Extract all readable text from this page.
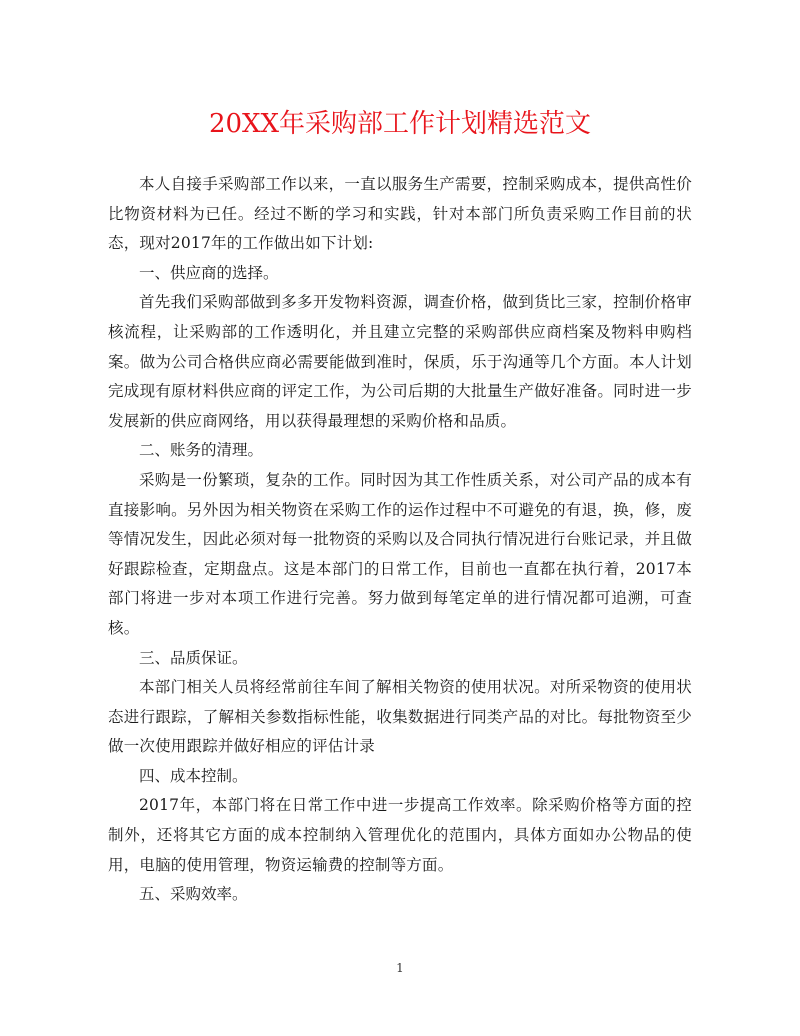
20XX年采购部工作计划精选范文

本人自接手采购部工作以来，一直以服务生产需要，控制采购成本，提供高性价比物资材料为已任。经过不断的学习和实践，针对本部门所负责采购工作目前的状态，现对2017年的工作做出如下计划:

一、供应商的选择。

首先我们采购部做到多多开发物料资源，调查价格，做到货比三家，控制价格审核流程，让采购部的工作透明化，并且建立完整的采购部供应商档案及物料申购档案。做为公司合格供应商必需要能做到准时，保质，乐于沟通等几个方面。本人计划完成现有原材料供应商的评定工作，为公司后期的大批量生产做好准备。同时进一步发展新的供应商网络，用以获得最理想的采购价格和品质。

二、账务的清理。

采购是一份繁琐，复杂的工作。同时因为其工作性质关系，对公司产品的成本有直接影响。另外因为相关物资在采购工作的运作过程中不可避免的有退，换，修，废等情况发生，因此必须对每一批物资的采购以及合同执行情况进行台账记录，并且做好跟踪检查，定期盘点。这是本部门的日常工作，目前也一直都在执行着，2017本部门将进一步对本项工作进行完善。努力做到每笔定单的进行情况都可追溯，可查核。

三、品质保证。

本部门相关人员将经常前往车间了解相关物资的使用状况。对所采物资的使用状态进行跟踪，了解相关参数指标性能，收集数据进行同类产品的对比。每批物资至少做一次使用跟踪并做好相应的评估计录

四、成本控制。

2017年，本部门将在日常工作中进一步提高工作效率。除采购价格等方面的控制外，还将其它方面的成本控制纳入管理优化的范围内，具体方面如办公物品的使用，电脑的使用管理，物资运输费的控制等方面。

五、采购效率。

1
